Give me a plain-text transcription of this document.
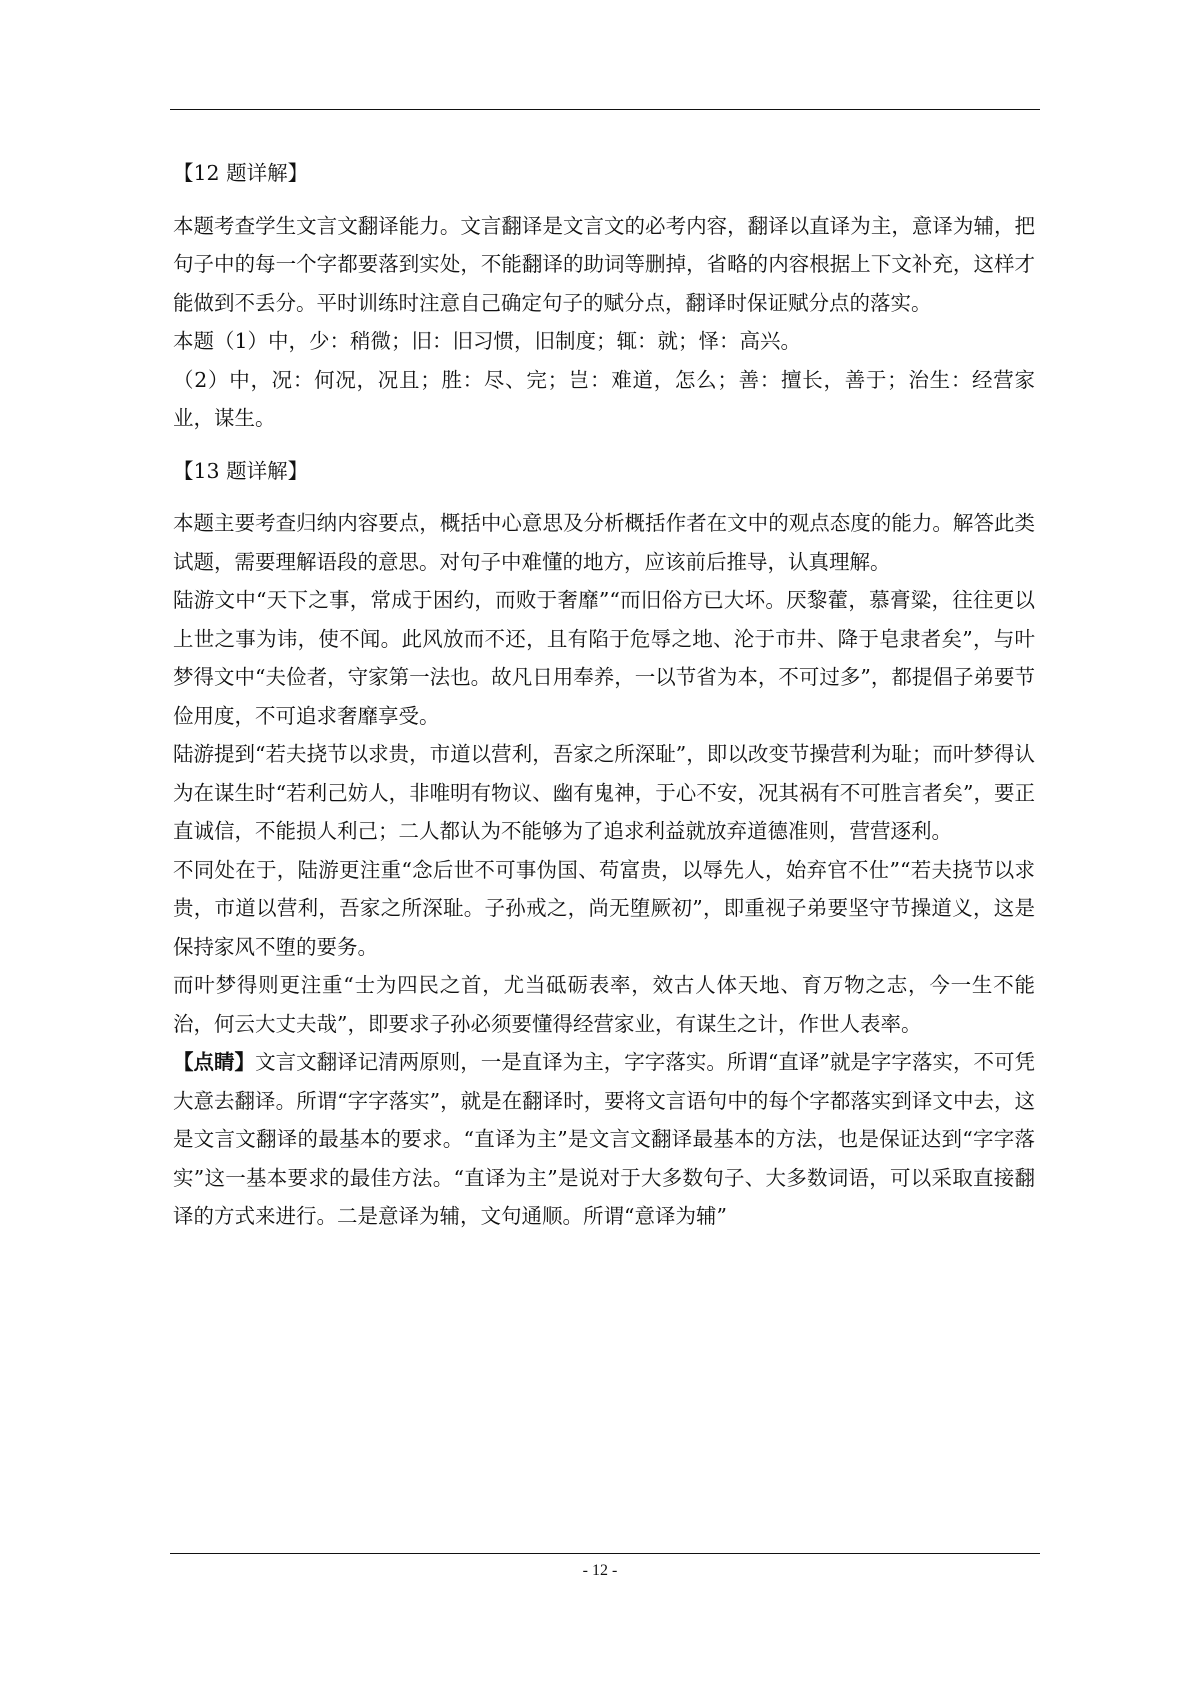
【12 题详解】

本题考查学生文言文翻译能力。文言翻译是文言文的必考内容，翻译以直译为主，意译为辅，把句子中的每一个字都要落到实处，不能翻译的助词等删掉，省略的内容根据上下文补充，这样才能做到不丢分。平时训练时注意自己确定句子的赋分点，翻译时保证赋分点的落实。

本题（1）中，少：稍微；旧：旧习惯，旧制度；辄：就；怿：高兴。

（2）中，况：何况，况且；胜：尽、完；岂：难道，怎么；善：擅长，善于；治生：经营家业，谋生。

【13 题详解】

本题主要考查归纳内容要点，概括中心意思及分析概括作者在文中的观点态度的能力。解答此类试题，需要理解语段的意思。对句子中难懂的地方，应该前后推导，认真理解。

陆游文中“天下之事，常成于困约，而败于奢靡”“而旧俗方已大坏。厌黎藿，慕膏粱，往往更以上世之事为讳，使不闻。此风放而不还，且有陷于危辱之地、沦于市井、降于皂隶者矣”，与叶梦得文中“夫俭者，守家第一法也。故凡日用奉养，一以节省为本，不可过多”，都提倡子弟要节俭用度，不可追求奢靡享受。

陆游提到“若夫挠节以求贵，市道以营利，吾家之所深耻”，即以改变节操营利为耻；而叶梦得认为在谋生时“若利己妨人，非唯明有物议、幽有鬼神，于心不安，况其祸有不可胜言者矣”，要正直诚信，不能损人利己；二人都认为不能够为了追求利益就放弃道德准则，营营逐利。

不同处在于，陆游更注重“念后世不可事伪国、苟富贵，以辱先人，始弃官不仕”“若夫挠节以求贵，市道以营利，吾家之所深耻。子孙戒之，尚无堕厥初”，即重视子弟要坚守节操道义，这是保持家风不堕的要务。

而叶梦得则更注重“士为四民之首，尤当砥砺表率，效古人体天地、育万物之志，今一生不能治，何云大丈夫哉”，即要求子孙必须要懂得经营家业，有谋生之计，作世人表率。

【点睛】文言文翻译记清两原则，一是直译为主，字字落实。所谓“直译”就是字字落实，不可凭大意去翻译。所谓“字字落实”，就是在翻译时，要将文言语句中的每个字都落实到译文中去，这是文言文翻译的最基本的要求。“直译为主”是文言文翻译最基本的方法，也是保证达到“字字落实”这一基本要求的最佳方法。“直译为主”是说对于大多数句子、大多数词语，可以采取直接翻译的方式来进行。二是意译为辅，文句通顺。所谓“意译为辅”

- 12 -
